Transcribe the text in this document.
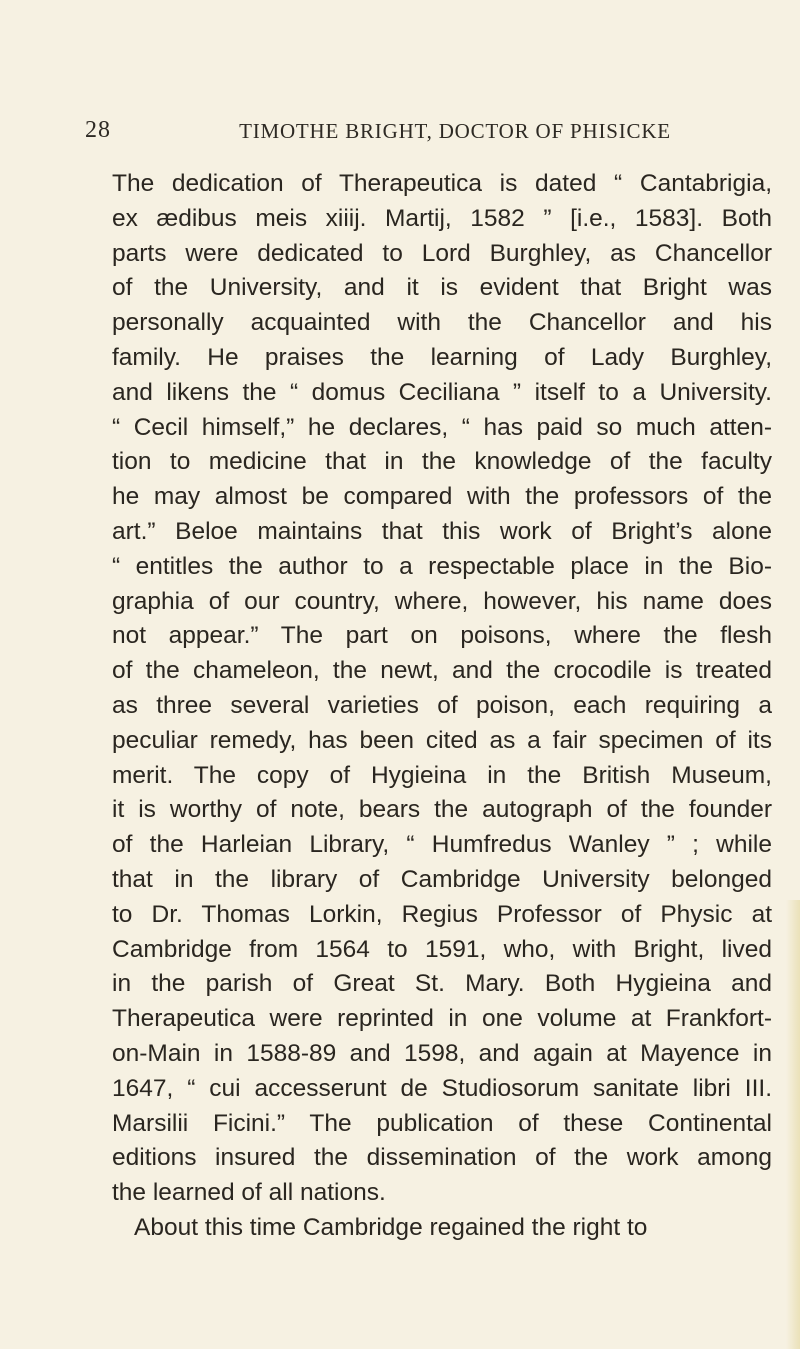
28	TIMOTHE BRIGHT, DOCTOR OF PHISICKE
The dedication of Therapeutica is dated “ Cantabrigia,
ex ædibus meis xiiij. Martij, 1582 ” [i.e., 1583]. Both
parts were dedicated to Lord Burghley, as Chancellor
of the University, and it is evident that Bright was
personally acquainted with the Chancellor and his
family. He praises the learning of Lady Burghley,
and likens the “ domus Ceciliana ” itself to a University.
“ Cecil himself,” he declares, “ has paid so much atten-
tion to medicine that in the knowledge of the faculty
he may almost be compared with the professors of the
art.” Beloe maintains that this work of Bright’s alone
“ entitles the author to a respectable place in the Bio-
graphia of our country, where, however, his name does
not appear.” The part on poisons, where the flesh
of the chameleon, the newt, and the crocodile is treated
as three several varieties of poison, each requiring a
peculiar remedy, has been cited as a fair specimen of its
merit. The copy of Hygieina in the British Museum,
it is worthy of note, bears the autograph of the founder
of the Harleian Library, “ Humfredus Wanley ” ; while
that in the library of Cambridge University belonged
to Dr. Thomas Lorkin, Regius Professor of Physic at
Cambridge from 1564 to 1591, who, with Bright, lived
in the parish of Great St. Mary. Both Hygieina and
Therapeutica were reprinted in one volume at Frankfort-
on-Main in 1588-89 and 1598, and again at Mayence in
1647, “ cui accesserunt de Studiosorum sanitate libri III.
Marsilii Ficini.” The publication of these Continental
editions insured the dissemination of the work among
the learned of all nations.
About this time Cambridge regained the right to
